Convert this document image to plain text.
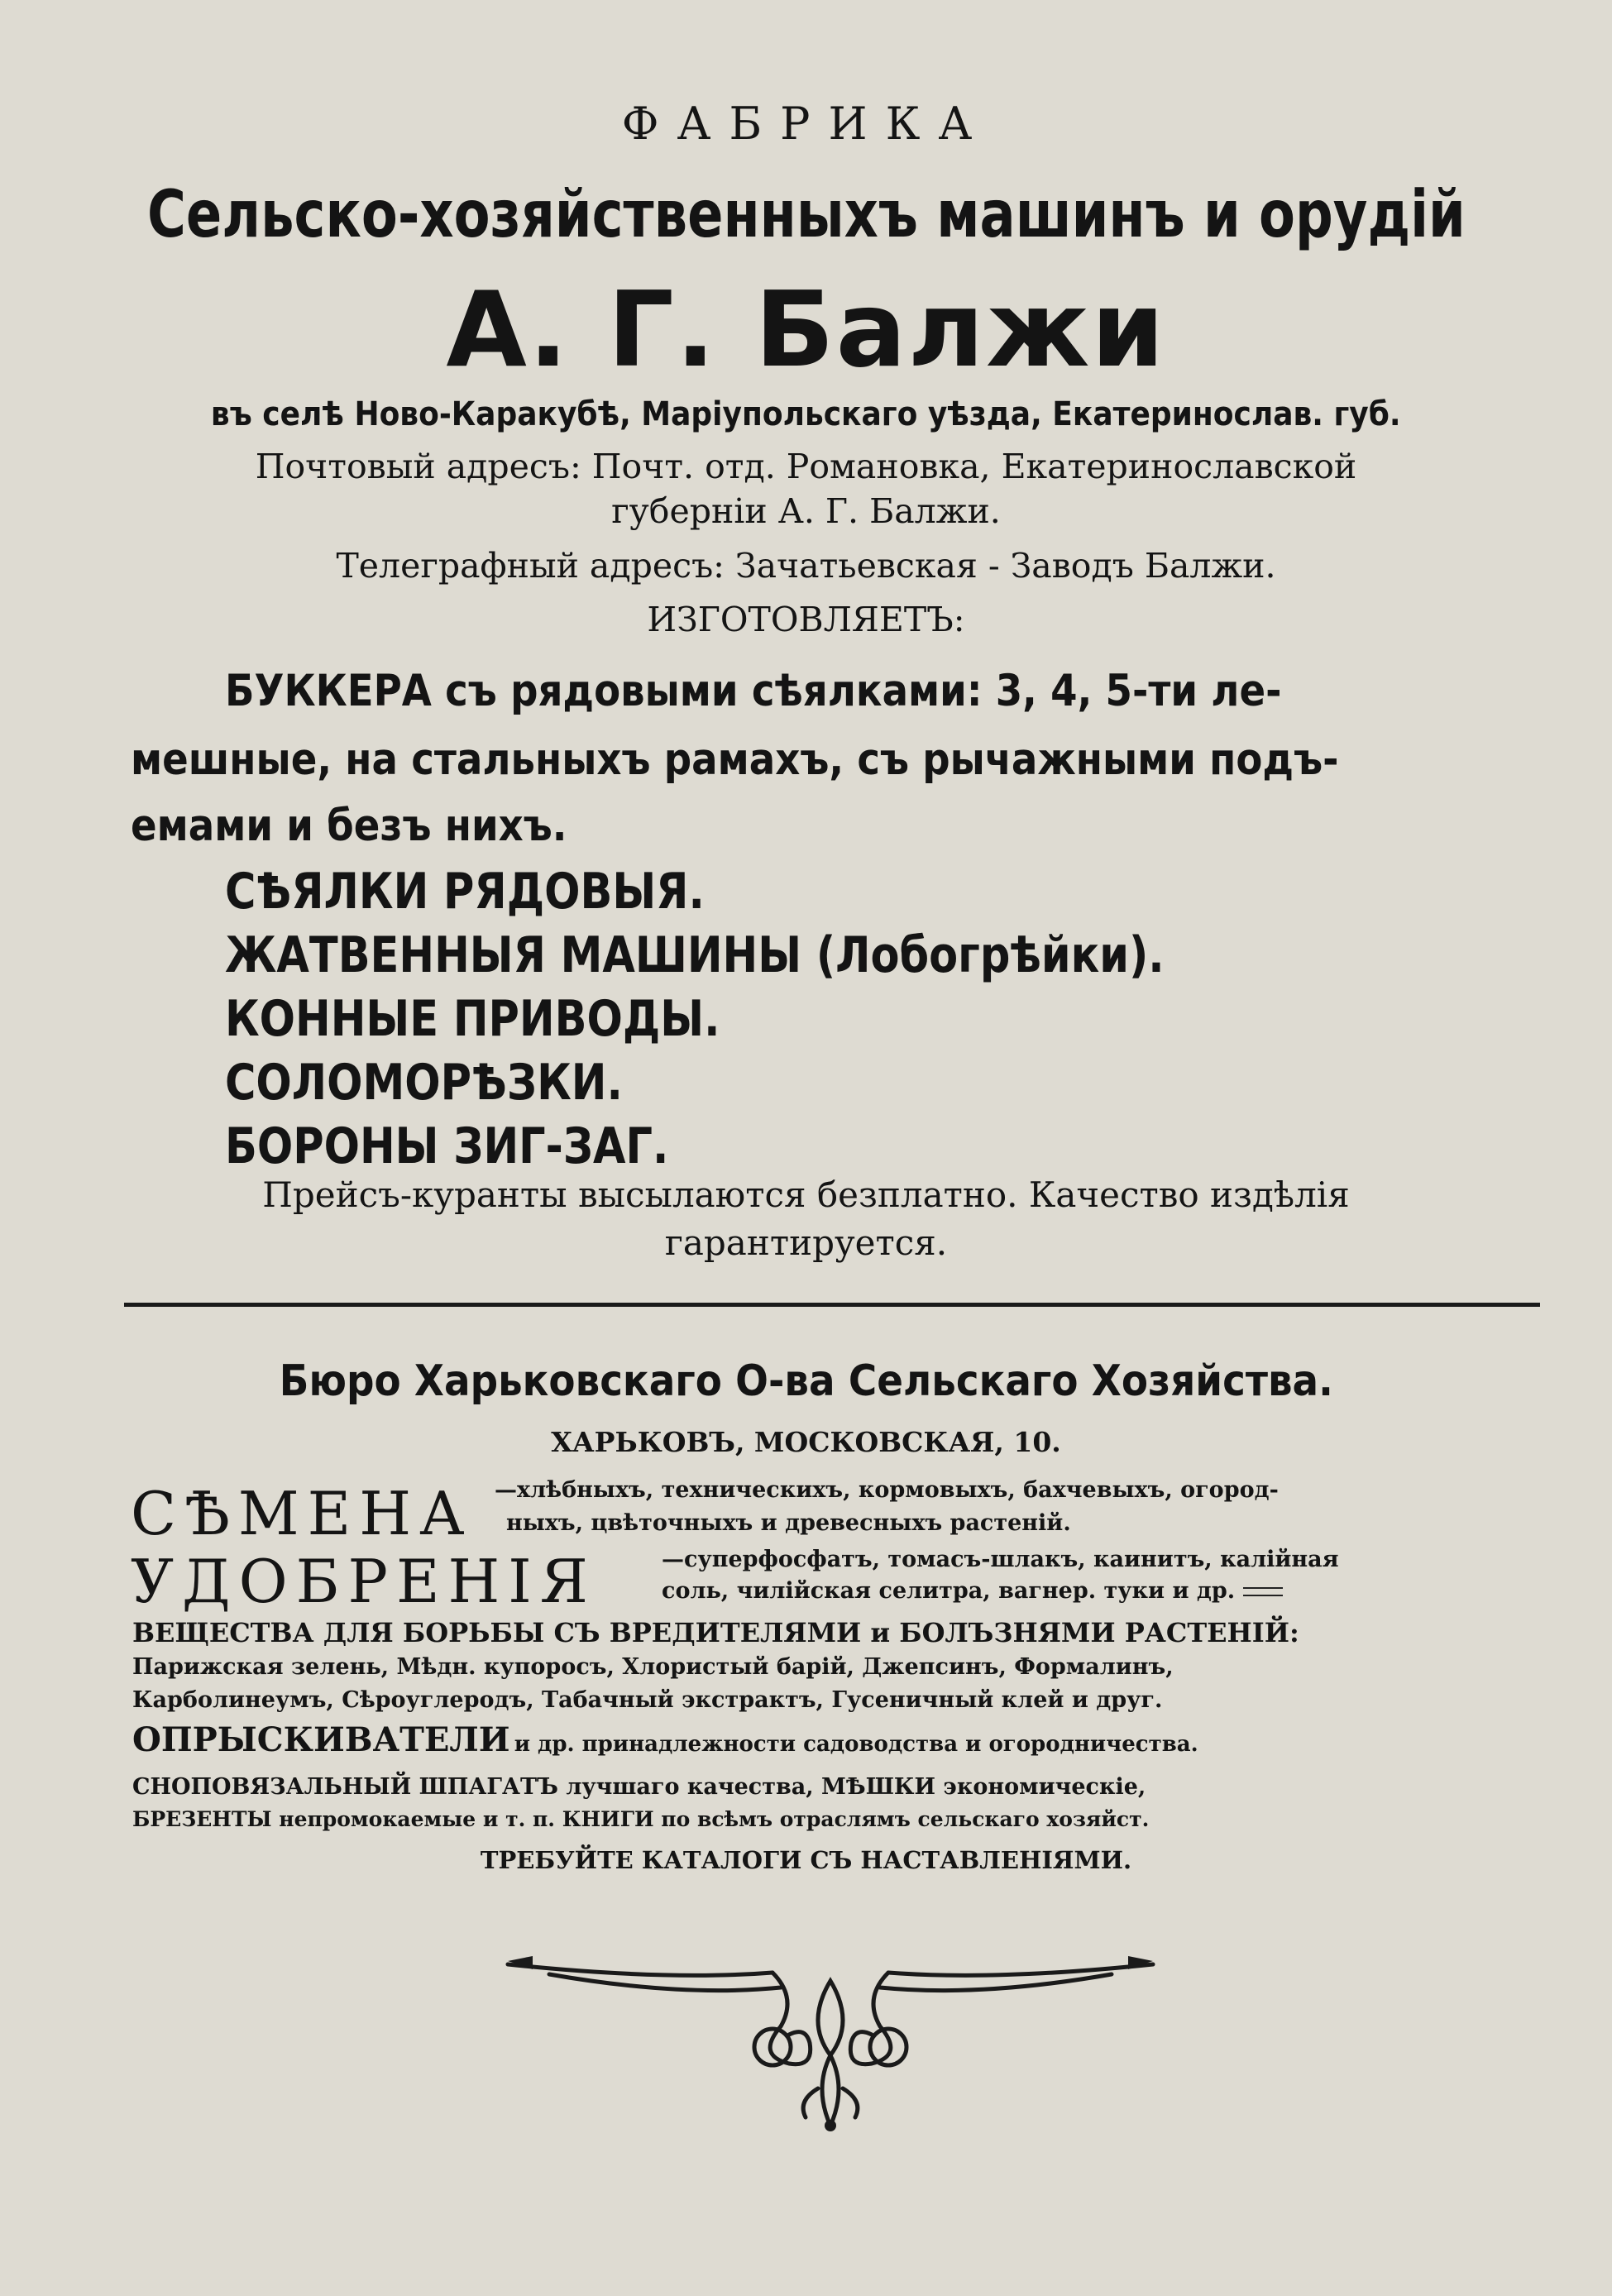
ФАБРИКА
Сельско-хозяйственныхъ машинъ и орудій
А. Г. Балжи
въ селѣ Ново-Каракубѣ, Маріупольскаго уѣзда, Екатеринослав. губ.
Почтовый адресъ: Почт. отд. Романовка, Екатеринославской
губерніи А. Г. Балжи.
Телеграфный адресъ: Зачатьевская - Заводъ Балжи.
ИЗГОТОВЛЯЕТЪ:
БУККЕРА съ рядовыми сѣялками: 3, 4, 5-ти ле-
мешные, на стальныхъ рамахъ, съ рычажными подъ-
емами и безъ нихъ.
СѢЯЛКИ РЯДОВЫЯ.
ЖАТВЕННЫЯ МАШИНЫ (Лобогрѣйки).
КОННЫЕ ПРИВОДЫ.
СОЛОМОРѢЗКИ.
БОРОНЫ ЗИГ-ЗАГ.
Прейсъ-куранты высылаются безплатно. Качество издѣлія
гарантируется.
Бюро Харьковскаго О-ва Сельскаго Хозяйства.
ХАРЬКОВЪ, МОСКОВСКАЯ, 10.
СѢМЕНА —хлѣбныхъ, техническихъ, кормовыхъ, бахчевыхъ, огород-
ныхъ, цвѣточныхъ и древесныхъ растеній.
УДОБРЕНІЯ	—суперфосфатъ, томасъ-шлакъ, каинитъ, калійная
соль, чилійская селитра, вагнер. туки и др.
ВЕЩЕСТВА ДЛЯ БОРЬБЫ СЪ ВРЕДИТЕЛЯМИ и БОЛЪЗНЯМИ РАСТЕНІЙ:
Парижская зелень, Мѣдн. купоросъ, Хлористый барій, Джепсинъ, Формалинъ,
Карболинеумъ, Сѣроуглеродъ, Табачный экстрактъ, Гусеничный клей и друг.
ОПРЫСКИВАТЕЛИ и др. принадлежности садоводства и огородничества.
СНОПОВЯЗАЛЬНЫЙ ШПАГАТЪ лучшаго качества, МѢШКИ экономическіе,
БРЕЗЕНТЫ непромокаемые и т. п. КНИГИ по всѣмъ отраслямъ сельскаго хозяйст.
ТРЕБУЙТЕ КАТАЛОГИ СЪ НАСТАВЛЕНІЯМИ.
